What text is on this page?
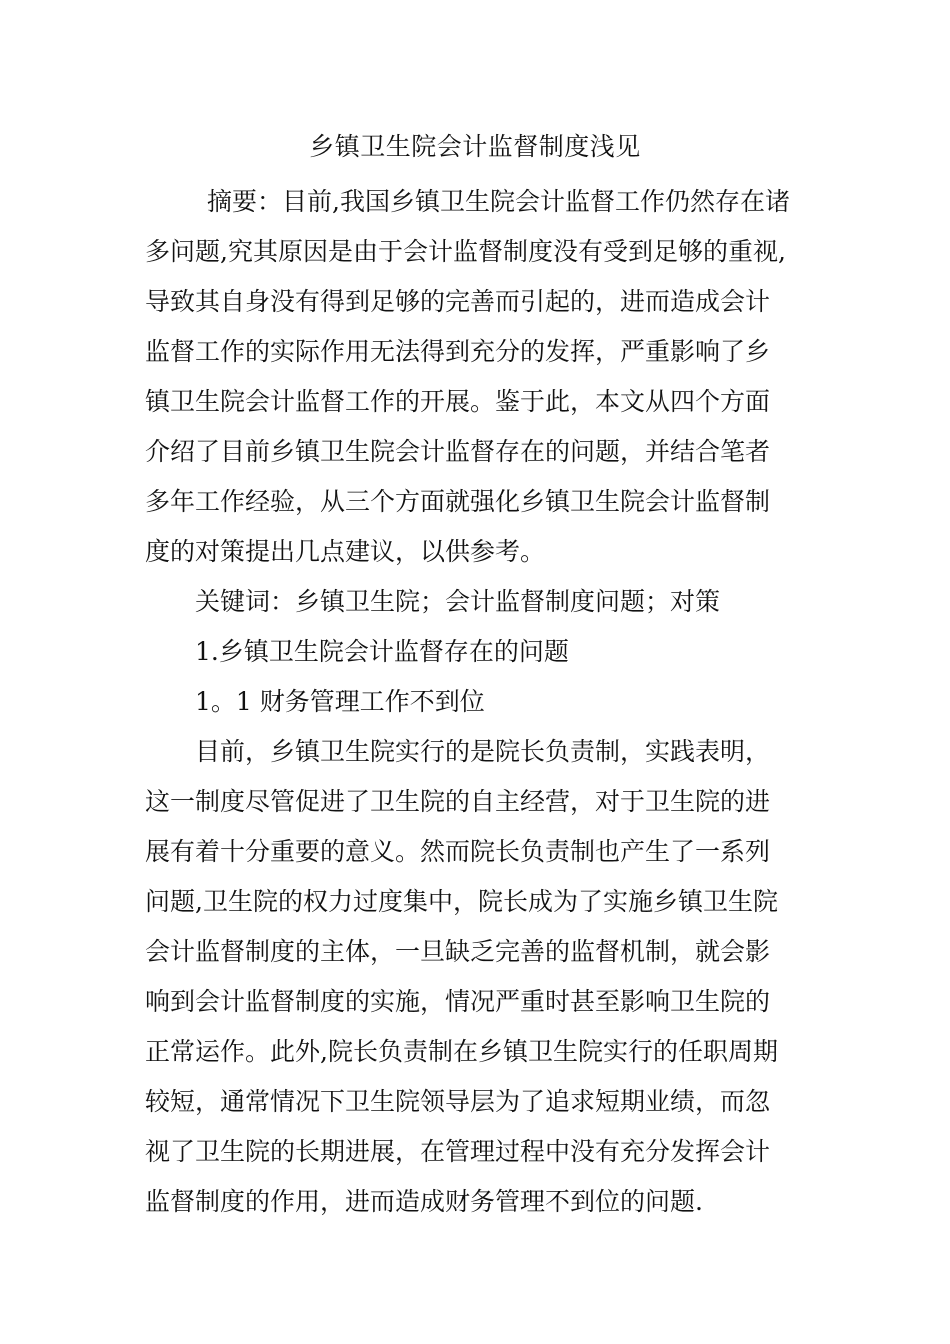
乡镇卫生院会计监督制度浅见
摘要：目前,我国乡镇卫生院会计监督工作仍然存在诸
多问题,究其原因是由于会计监督制度没有受到足够的重视,
导致其自身没有得到足够的完善而引起的，进而造成会计
监督工作的实际作用无法得到充分的发挥，严重影响了乡
镇卫生院会计监督工作的开展。鉴于此，本文从四个方面
介绍了目前乡镇卫生院会计监督存在的问题，并结合笔者
多年工作经验，从三个方面就强化乡镇卫生院会计监督制
度的对策提出几点建议，以供参考。
关键词：乡镇卫生院；会计监督制度问题；对策
1.乡镇卫生院会计监督存在的问题
1。1 财务管理工作不到位
目前，乡镇卫生院实行的是院长负责制，实践表明，
这一制度尽管促进了卫生院的自主经营，对于卫生院的进
展有着十分重要的意义。然而院长负责制也产生了一系列
问题,卫生院的权力过度集中，院长成为了实施乡镇卫生院
会计监督制度的主体，一旦缺乏完善的监督机制，就会影
响到会计监督制度的实施，情况严重时甚至影响卫生院的
正常运作。此外,院长负责制在乡镇卫生院实行的任职周期
较短，通常情况下卫生院领导层为了追求短期业绩，而忽
视了卫生院的长期进展，在管理过程中没有充分发挥会计
监督制度的作用，进而造成财务管理不到位的问题.
